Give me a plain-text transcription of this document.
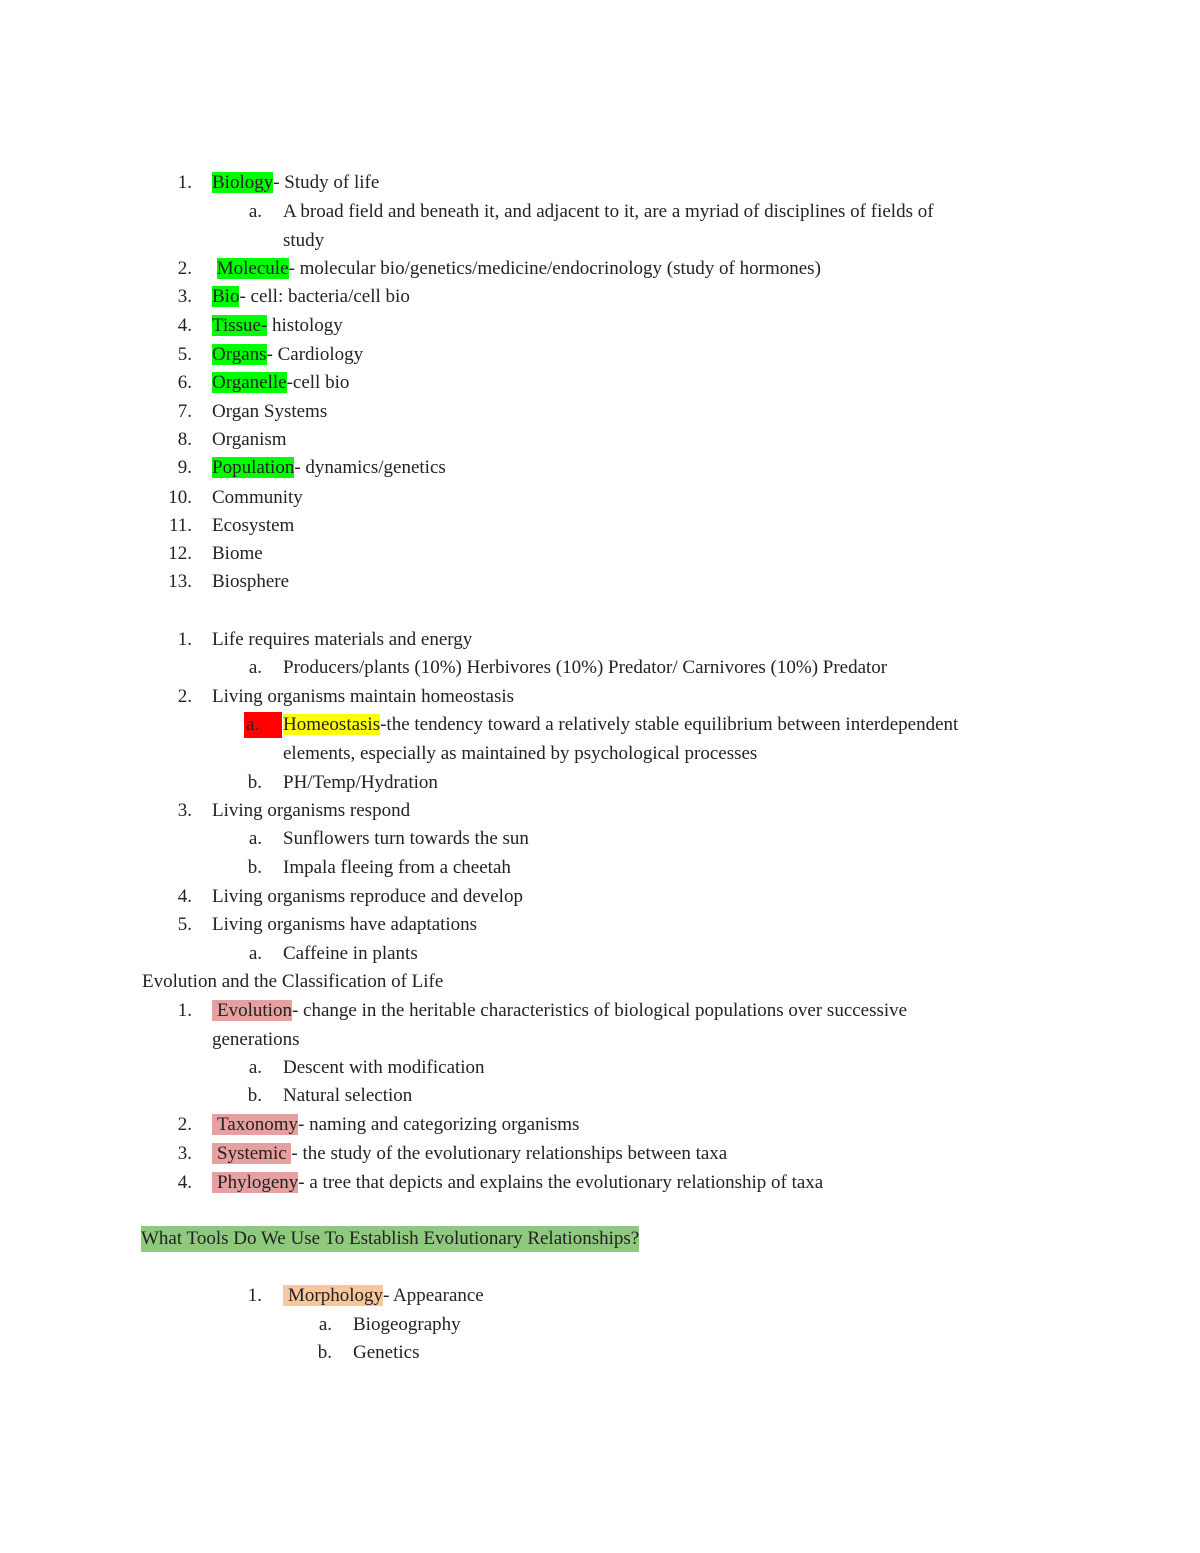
1. Biology- Study of life
a. A broad field and beneath it, and adjacent to it, are a myriad of disciplines of fields of
study
2. Molecule- molecular bio/genetics/medicine/endocrinology (study of hormones)
3. Bio- cell: bacteria/cell bio
4. Tissue- histology
5. Organs- Cardiology
6. Organelle-cell bio
7. Organ Systems
8. Organism
9. Population- dynamics/genetics
10. Community
11. Ecosystem
12. Biome
13. Biosphere
1. Life requires materials and energy
a. Producers/plants (10%) Herbivores (10%) Predator/ Carnivores (10%) Predator
2. Living organisms maintain homeostasis
a.	Homeostasis-the tendency toward a relatively stable equilibrium between interdependent
elements, especially as maintained by psychological processes
b. PH/Temp/Hydration
3. Living organisms respond
a. Sunflowers turn towards the sun
b. Impala fleeing from a cheetah
4. Living organisms reproduce and develop
5. Living organisms have adaptations
a. Caffeine in plants
Evolution and the Classification of Life
1. Evolution- change in the heritable characteristics of biological populations over successive
generations
a. Descent with modification
b. Natural selection
2. Taxonomy- naming and categorizing organisms
3. Systemic - the study of the evolutionary relationships between taxa
4. Phylogeny- a tree that depicts and explains the evolutionary relationship of taxa
What Tools Do We Use To Establish Evolutionary Relationships?
1. Morphology- Appearance
a. Biogeography
b. Genetics
